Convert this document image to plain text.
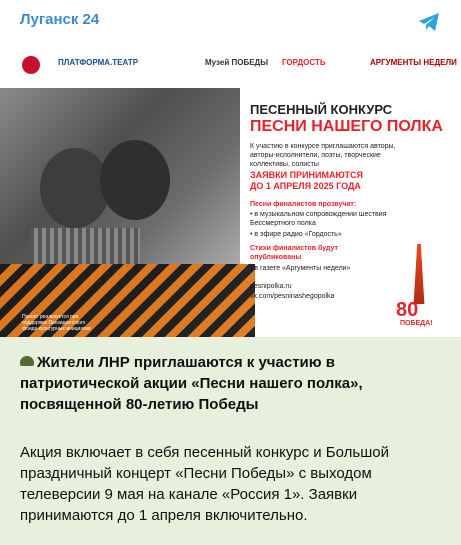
Луганск 24
ПЛАТФОРМА.ТЕАТР	Музей ПОБЕДЫ ГОРДОСТЬ	АРГУМЕНТЫ НЕДЕЛИ
Проект реализуется при поддержке Президентского фонда культурных инициатив
ПЕСЕННЫЙ КОНКУРС
ПЕСНИ НАШЕГО ПОЛКА
К участию в конкурсе приглашаются авторы, авторы-исполнители, поэты, творческие коллективы, солисты
ЗАЯВКИ ПРИНИМАЮТСЯ
ДО 1 АПРЕЛЯ 2025 ГОДА
Песни финалистов прозвучат:
• в музыкальном сопровождении шествия Бессмертного полка
• в эфире радио «Гордость»
Стихи финалистов будут опубликованы
• в газете «Аргументы недели»
pesnipolka.ru
vk.com/pesninashegopolka
80
ПОБЕДА!
Жители ЛНР приглашаются к участию в патриотической акции «Песни нашего полка», посвященной 80-летию Победы
Акция включает в себя песенный конкурс и Большой праздничный концерт «Песни Победы» с выходом телеверсии 9 мая на канале «Россия 1». Заявки принимаются до 1 апреля включительно.
